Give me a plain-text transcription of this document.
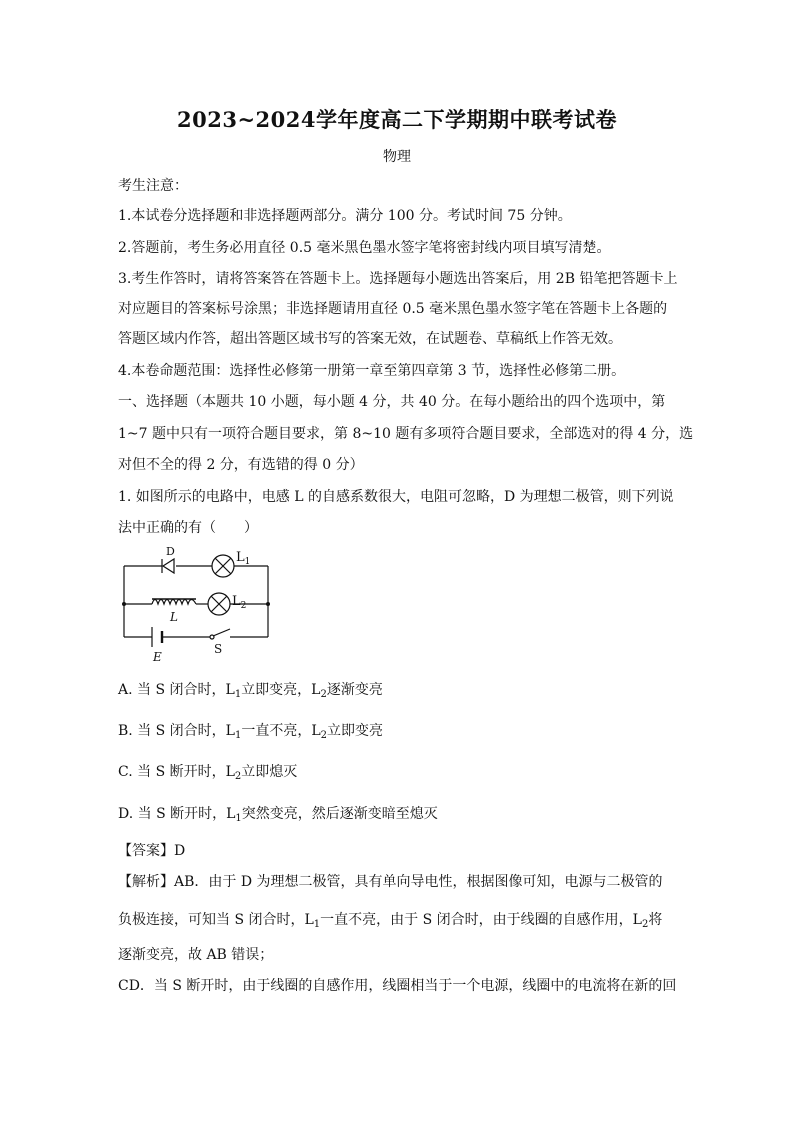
2023~2024学年度高二下学期期中联考试卷
物理
考生注意：
1.本试卷分选择题和非选择题两部分。满分 100 分。考试时间 75 分钟。
2.答题前，考生务必用直径 0.5 毫米黑色墨水签字笔将密封线内项目填写清楚。
3.考生作答时，请将答案答在答题卡上。选择题每小题选出答案后，用 2B 铅笔把答题卡上
对应题目的答案标号涂黑；非选择题请用直径 0.5 毫米黑色墨水签字笔在答题卡上各题的
答题区域内作答，超出答题区域书写的答案无效，在试题卷、草稿纸上作答无效。
4.本卷命题范围：选择性必修第一册第一章至第四章第 3 节，选择性必修第二册。
一、选择题（本题共 10 小题，每小题 4 分，共 40 分。在每小题给出的四个选项中，第
1~7 题中只有一项符合题目要求，第 8~10 题有多项符合题目要求，全部选对的得 4 分，选
对但不全的得 2 分，有选错的得 0 分）
1. 如图所示的电路中，电感 L 的自感系数很大，电阻可忽略，D 为理想二极管，则下列说
法中正确的有（　　）
D	$L_1$
L
$L_2$
E
S
A. 当 S 闭合时，$L_1$立即变亮，$L_2$逐渐变亮
B. 当 S 闭合时，$L_1$一直不亮，$L_2$立即变亮
C. 当 S 断开时，$L_2$立即熄灭
D. 当 S 断开时，$L_1$突然变亮，然后逐渐变暗至熄灭
【答案】D
【解析】AB．由于 D 为理想二极管，具有单向导电性，根据图像可知，电源与二极管的
负极连接，可知当 S 闭合时，$L_1$一直不亮，由于 S 闭合时，由于线圈的自感作用，$L_2$将
逐渐变亮，故 AB 错误；
CD．当 S 断开时，由于线圈的自感作用，线圈相当于一个电源，线圈中的电流将在新的回
